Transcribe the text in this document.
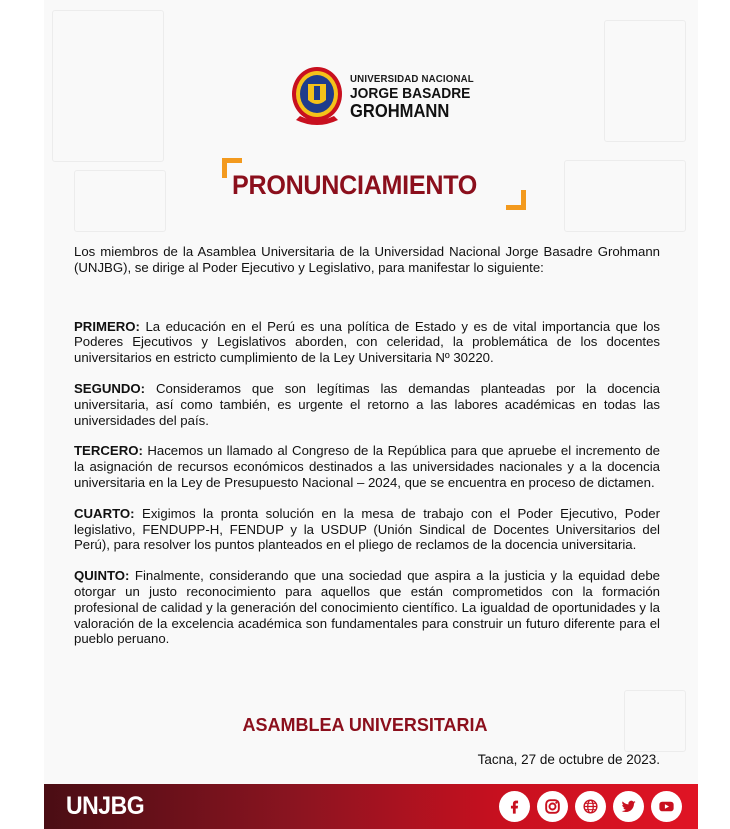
UNIVERSIDAD NACIONAL
JORGE BASADRE
GROHMANN
PRONUNCIAMIENTO

Los miembros de la Asamblea Universitaria de la Universidad Nacional Jorge Basadre Grohmann (UNJBG), se dirige al Poder Ejecutivo y Legislativo, para manifestar lo siguiente:

PRIMERO: La educación en el Perú es una política de Estado y es de vital importancia que los Poderes Ejecutivos y Legislativos aborden, con celeridad, la problemática de los docentes universitarios en estricto cumplimiento de la Ley Universitaria Nº 30220.

SEGUNDO: Consideramos que son legítimas las demandas planteadas por la docencia universitaria, así como también, es urgente el retorno a las labores académicas en todas las universidades del país.

TERCERO: Hacemos un llamado al Congreso de la República para que apruebe el incremento de la asignación de recursos económicos destinados a las universidades nacionales y a la docencia universitaria en la Ley de Presupuesto Nacional – 2024, que se encuentra en proceso de dictamen.

CUARTO: Exigimos la pronta solución en la mesa de trabajo con el Poder Ejecutivo, Poder legislativo, FENDUPP-H, FENDUP y la USDUP (Unión Sindical de Docentes Universitarios del Perú), para resolver los puntos planteados en el pliego de reclamos de la docencia universitaria.

QUINTO: Finalmente, considerando que una sociedad que aspira a la justicia y la equidad debe otorgar un justo reconocimiento para aquellos que están comprometidos con la formación profesional de calidad y la generación del conocimiento científico. La igualdad de oportunidades y la valoración de la excelencia académica son fundamentales para construir un futuro diferente para el pueblo peruano.

ASAMBLEA UNIVERSITARIA
Tacna, 27 de octubre de 2023.
UNJBG
